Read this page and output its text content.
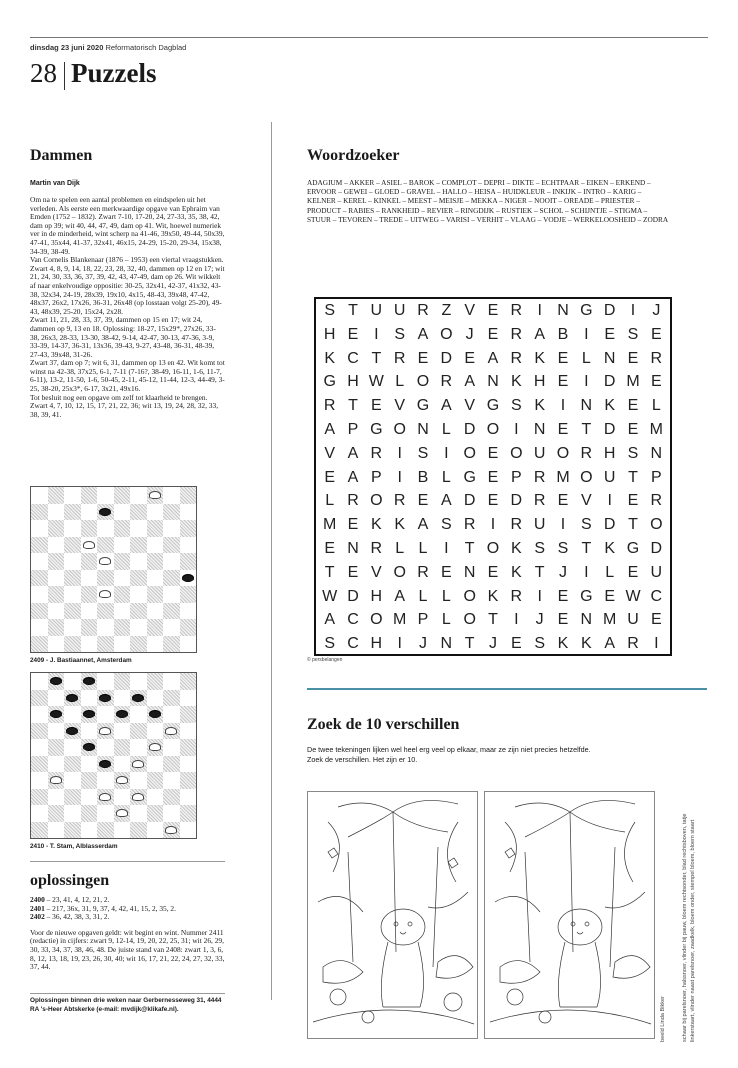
dinsdag 23 juni 2020 Reformatorisch Dagblad
28 Puzzels
Dammen
Martin van Dijk
Om na te spelen een aantal problemen en eindspelen uit het verleden. Als eerste een merkwaardige opgave van Ephraim van Emden (1752 – 1832). Zwart 7-10, 17-20, 24, 27-33, 35, 38, 42, dam op 39; wit 40, 44, 47, 49, dam op 41. Wit, hoewel numeriek ver in de minderheid, wint scherp na 41-46, 39x50, 49-44, 50x39, 47-41, 35x44, 41-37, 32x41, 46x15, 24-29, 15-20, 29-34, 15x38, 34-39, 38-49.
Van Cornelis Blankenaar (1876 – 1953) een viertal vraagstukken.
Zwart 4, 8, 9, 14, 18, 22, 23, 28, 32, 40, dammen op 12 en 17; wit 21, 24, 30, 33, 36, 37, 39, 42, 43, 47-49, dam op 26. Wit wikkelt af naar enkelvoudige oppositie: 30-25, 32x41, 42-37, 41x32, 43-38, 32x34, 24-19, 28x39, 19x10, 4x15, 48-43, 39x48, 47-42, 48x37, 26x2, 17x26, 36-31, 26x48 (op losstaan volgt 25-20), 49-43, 48x39, 25-20, 15x24, 2x28.
Zwart 11, 21, 28, 33, 37, 39, dammen op 15 en 17; wit 24, dammen op 9, 13 en 18. Oplossing: 18-27, 15x29*, 27x26, 33-38, 26x3, 28-33, 13-30, 38-42, 9-14, 42-47, 30-13, 47-36, 3-9, 33-39, 14-37, 36-31, 13x36, 39-43, 9-27, 43-48, 36-31, 48-39, 27-43, 39x48, 31-26.
Zwart 37, dam op 7; wit 6, 31, dammen op 13 en 42. Wit komt tot winst na 42-38, 37x25, 6-1, 7-11 (7-16?, 38-49, 16-11, 1-6, 11-7, 6-11), 13-2, 11-50, 1-6, 50-45, 2-11, 45-12, 11-44, 12-3, 44-49, 3-25, 38-20, 25x3*, 6-17, 3x21, 49x16.
Tot besluit nog een opgave om zelf tot klaarheid te brengen.
Zwart 4, 7, 10, 12, 15, 17, 21, 22, 36; wit 13, 19, 24, 28, 32, 33, 38, 39, 41.
2409 - J. Bastiaannet, Amsterdam
2410 - T. Stam, Alblasserdam
oplossingen
2400 – 23, 41, 4, 12, 21, 2.
2401 – 217, 36x, 31, 9, 37, 4, 42, 41, 15, 2, 35, 2.
2402 – 36, 42, 38, 3, 31, 2.
Voor de nieuwe opgaven geldt: wit begint en wint. Nummer 2411 (redactie) in cijfers: zwart 9, 12-14, 19, 20, 22, 25, 31; wit 26, 29, 30, 33, 34, 37, 38, 46, 48. De juiste stand van 2408: zwart 1, 3, 6, 8, 12, 13, 18, 19, 23, 26, 30, 40; wit 16, 17, 21, 22, 24, 27, 32, 33, 37, 44.
Oplossingen binnen drie weken naar Gerbernesseweg 31, 4444 RA 's-Heer Abtskerke (e-mail: mvdijk@klikafe.nl).
Woordzoeker
ADAGIUM – AKKER – ASIEL – BAROK – COMPLOT – DEPRI – DIKTE – ECHTPAAR – EIKEN – ERKEND – ERVOOR – GEWEI – GLOED – GRAVEL – HALLO – HEISA – HUIDKLEUR – INKIJK – INTRO – KARIG – KELNER – KEREL – KINKEL – MEEST – MEISJE – MEKKA – NIGER – NOOIT – OREADE – PRIESTER – PRODUCT – RABIES – RANKHEID – REVIER – RINGDIJK – RUSTIEK – SCHOL – SCHIJNTJE – STIGMA – STUUR – TEVOREN – TREDE – UITWEG – VARISI – VERHIT – VLAAG – VODJE – WERKELOOSHEID – ZODRA
S T U U R Z V E R I N G D I	J
H E I S A O J E R A B I E S E
K C T R E D E A R K E L N E R
G H W L O R A N K H E I D M E
R T E V G A V G S K I N K E L
A P G O N L D O I N E T D E M
V A R I S I O E O U O R H S N
E A P I B L G E P R M O U T P
L R O R E A D E D R E V I E R
M E K K A S R I R U I S D T O
E N R L L	I	T O K S S T K G D
T E V O R E N E K T J	I	L E U
W D H A L L O K R I E G E W C
A C O M P L O T	I	J E N M U E
S C H I	J N T J E S K K A R I
© persbelangen
Zoek de 10 verschillen
De twee tekeningen lijken wel heel erg veel op elkaar, maar ze zijn niet precies hetzelfde.
Zoek de verschillen. Het zijn er 10.
beeld Linda Bikker	schaar bij parelsnoer, halssnoer, vlinder bij pauw, bloem rechtsonder, blad rechtsboven, tatje linkerstaart, vlinder naast parelsnoer, zaadkelk, bloem onder, stempel bloem, bloem staart
